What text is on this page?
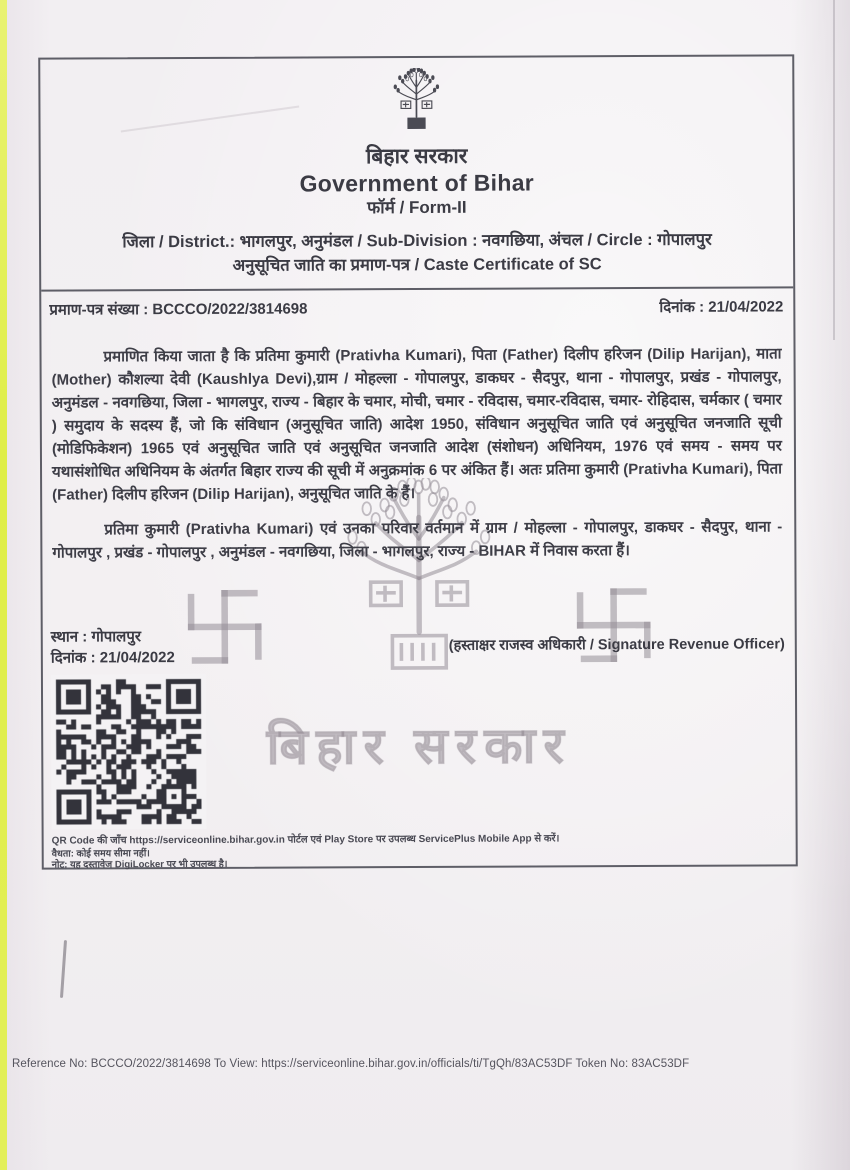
बिहार सरकार
बिहार सरकार
Government of Bihar
फॉर्म / Form-II
जिला / District.: भागलपुर, अनुमंडल / Sub-Division : नवगछिया, अंचल / Circle : गोपालपुर
अनुसूचित जाति का प्रमाण-पत्र / Caste Certificate of SC
प्रमाण-पत्र संख्या : BCCCO/2022/3814698	दिनांक : 21/04/2022
प्रमाणित किया जाता है कि प्रतिमा कुमारी (Prativha Kumari), पिता (Father) दिलीप हरिजन (Dilip Harijan), माता (Mother) कौशल्या देवी (Kaushlya Devi),ग्राम / मोहल्ला - गोपालपुर, डाकघर - सैदपुर, थाना - गोपालपुर, प्रखंड - गोपालपुर, अनुमंडल - नवगछिया, जिला - भागलपुर, राज्य - बिहार के चमार, मोची, चमार - रविदास, चमार-रविदास, चमार- रोहिदास, चर्मकार ( चमार ) समुदाय के सदस्य हैं, जो कि संविधान (अनुसूचित जाति) आदेश 1950, संविधान अनुसूचित जाति एवं अनुसूचित जनजाति सूची (मोडिफिकेशन) 1965 एवं अनुसूचित जाति एवं अनुसूचित जनजाति आदेश (संशोधन) अधिनियम, 1976 एवं समय - समय पर यथासंशोधित अधिनियम के अंतर्गत बिहार राज्य की सूची में अनुक्रमांक 6 पर अंकित हैं। अतः प्रतिमा कुमारी (Prativha Kumari), पिता (Father) दिलीप हरिजन (Dilip Harijan), अनुसूचित जाति के हैं।
प्रतिमा कुमारी (Prativha Kumari) एवं उनका परिवार वर्तमान में ग्राम / मोहल्ला - गोपालपुर, डाकघर - सैदपुर, थाना - गोपालपुर , प्रखंड - गोपालपुर , अनुमंडल - नवगछिया, जिला - भागलपुर, राज्य - BIHAR में निवास करता हैं।
स्थान : गोपालपुर
दिनांक : 21/04/2022
(हस्ताक्षर राजस्व अधिकारी / Signature Revenue Officer)
QR Code की जाँच https://serviceonline.bihar.gov.in पोर्टल एवं Play Store पर उपलब्ध ServicePlus Mobile App से करें।
वैधता: कोई समय सीमा नहीं।
नोट: यह दस्तावेज DigiLocker पर भी उपलब्ध है।
Reference No: BCCCO/2022/3814698 To View: https://serviceonline.bihar.gov.in/officials/ti/TgQh/83AC53DF Token No: 83AC53DF
